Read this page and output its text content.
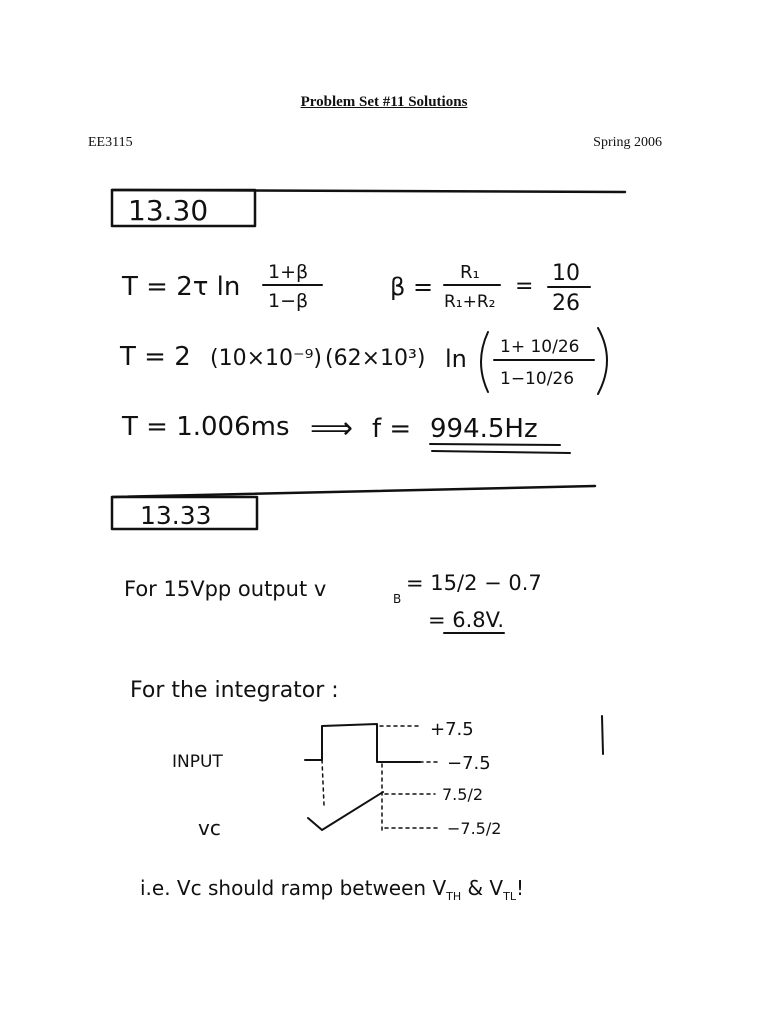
Problem Set #11 Solutions
EE3115	Spring 2006
13.30
T = 2τ ln 1+β
1−β	β =
R₁
R₁+R₂
=
10
26
T = 2 (10×10⁻⁹) (62×10³) ln 1+ 10/26
1−10/26
T = 1.006ms ⟹ f = 994.5Hz
13.33
For 15Vpp output v	B
= 15/2 − 0.7
= 6.8V.
For the integrator :
INPUT
vc
+7.5
−7.5
7.5/2
−7.5/2
i.e. Vc should ramp between $V_{TH}$ & $V_{TL}$!
